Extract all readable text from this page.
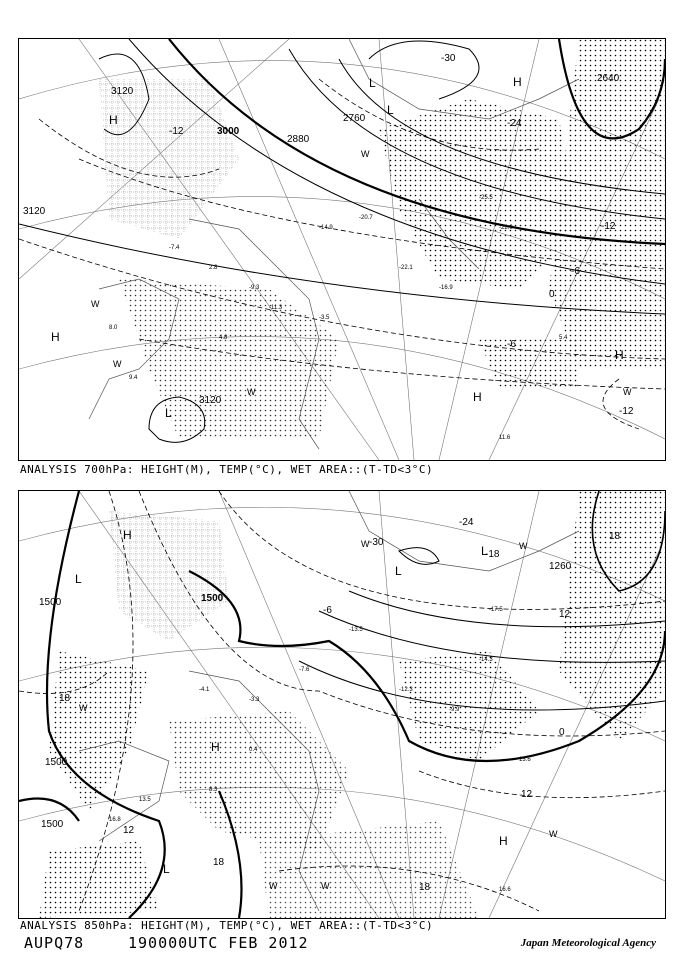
-7.4
2.8
-9.3
-11.3
-14.9
-20.7
-22.1
-16.9
-25.5
-22.9
8.0
9.4
4.8
-3.5
11.6
5.4
3120
3000
2880
2760
3120
3120
2640
-12
-24
-30
-12
-6
0
-6
-12
H
L
H
H
H
L
L
H
W
W
W	W
W
ANALYSIS 700hPa: HEIGHT(M), TEMP(°C), WET AREA::(T-TD<3°C)
-4.1
-3.3
-7.6
-13.5
-12.3
-9.9
-14.3
-17.5
0.4
8.3
13.5
13.6
16.6
16.8
1500	1500
1500
1500
1260
18
18
12
18
12
-6
-30
-24
-18
0
12
18
H
L
L
H
L
L
H
W
W	W
W
W
W
ANALYSIS 850hPa: HEIGHT(M), TEMP(°C), WET AREA::(T-TD<3°C)
AUPQ78	190000UTC FEB 2012	Japan Meteorological Agency
